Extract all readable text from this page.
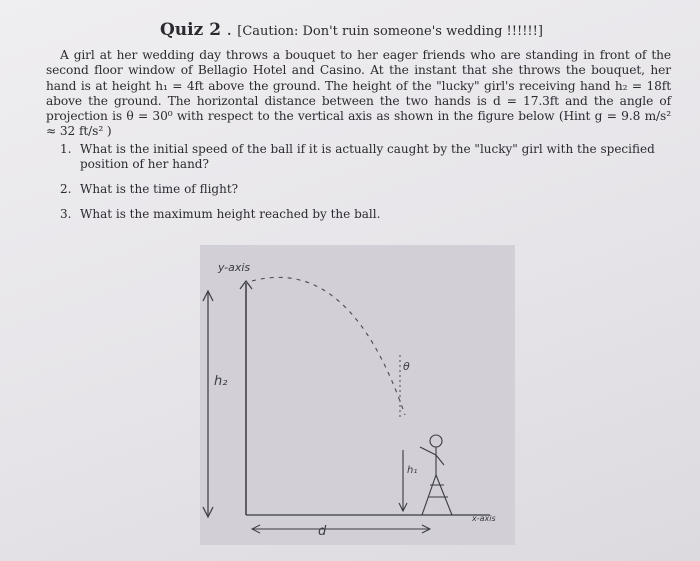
Quiz 2 . [Caution: Don't ruin someone's wedding !!!!!!]
A girl at her wedding day throws a bouquet to her eager friends who are standing in front of the second floor window of Bellagio Hotel and Casino. At the instant that she throws the bouquet, her hand is at height h₁ = 4ft above the ground. The height of the "lucky" girl's receiving hand h₂ = 18ft above the ground. The horizontal distance between the two hands is d = 17.3ft and the angle of projection is θ = 30⁰ with respect to the vertical axis as shown in the figure below (Hint g = 9.8 m/s² ≈ 32 ft/s² )
1. What is the initial speed of the ball if it is actually caught by the "lucky" girl with the specified position of her hand?
2. What is the time of flight?
3. What is the maximum height reached by the ball.
y-axis
h₂
θ
h₁
x-axis
d
